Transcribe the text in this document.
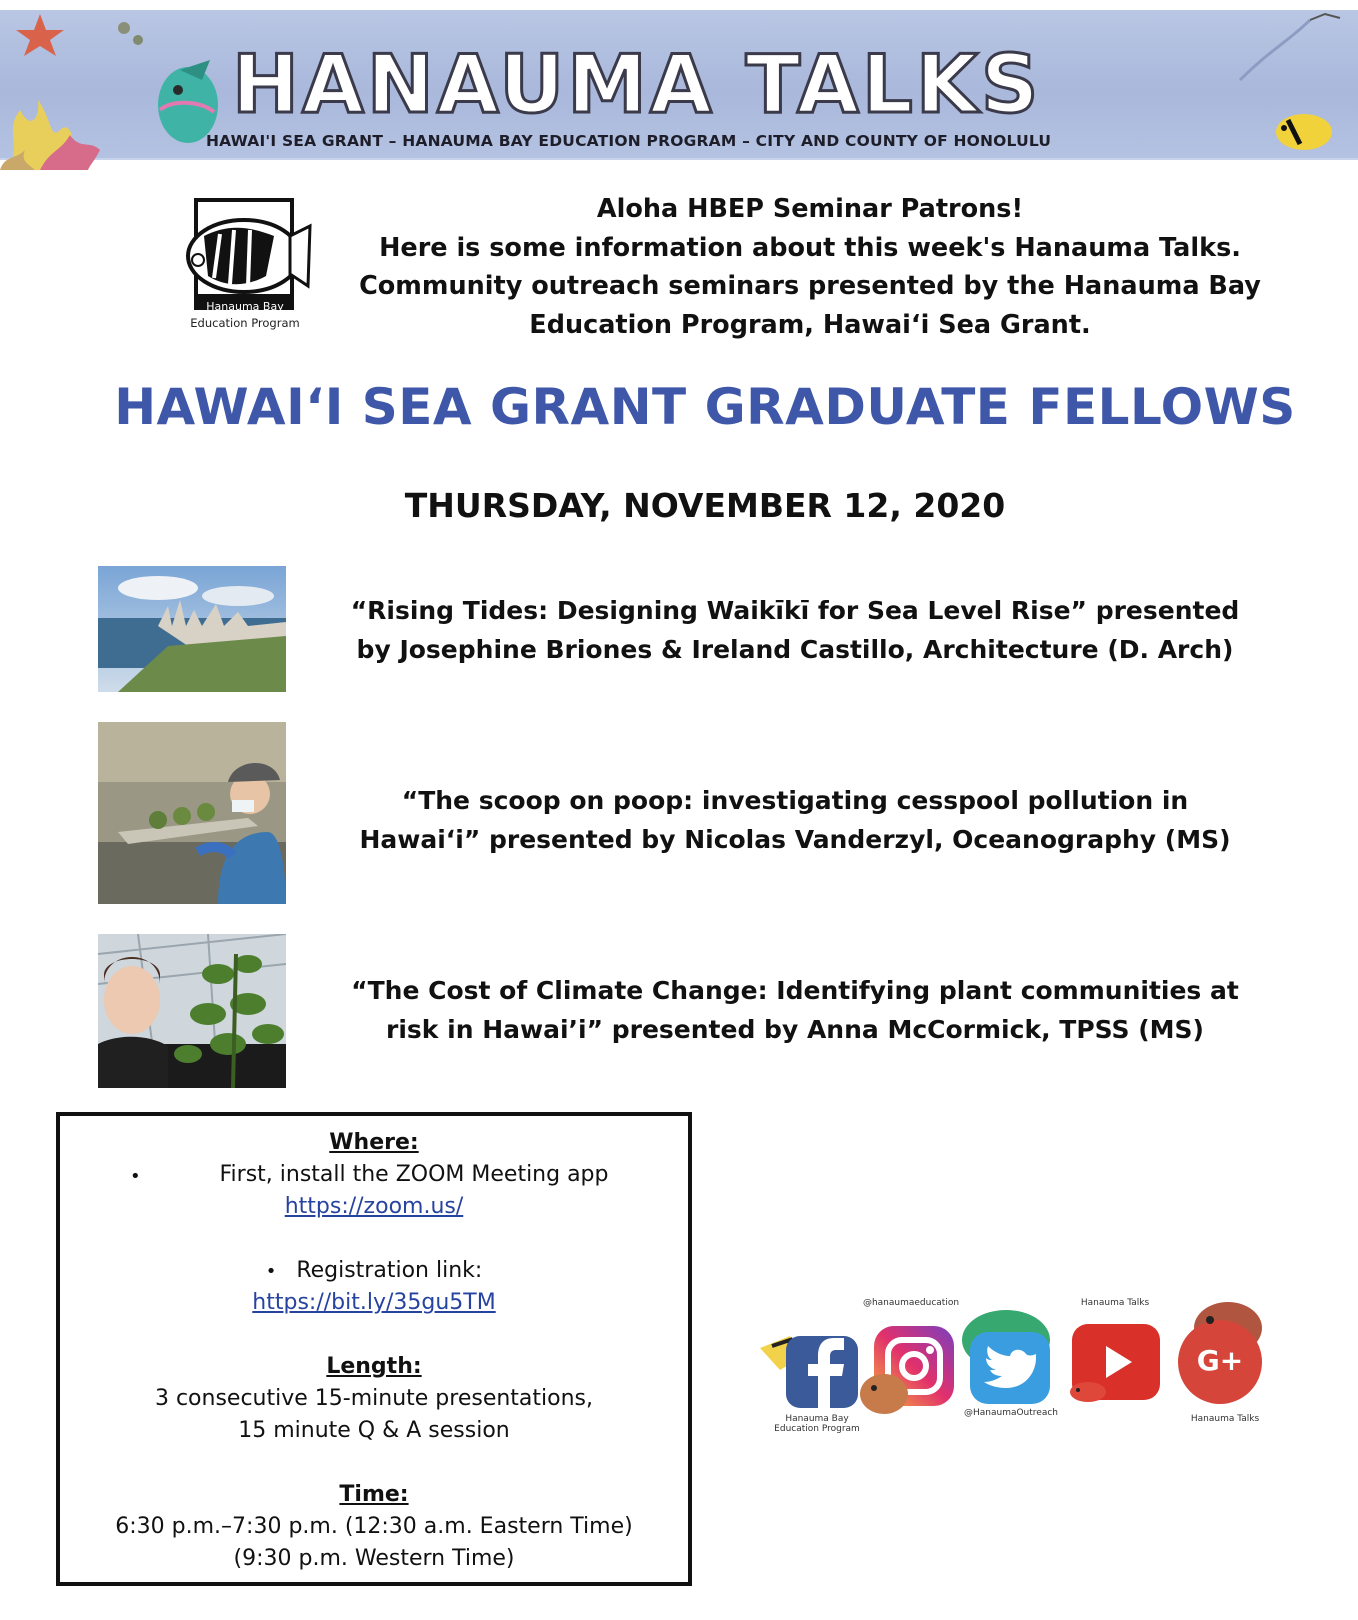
HANAUMA TALKS
HAWAI'I SEA GRANT – HANAUMA BAY EDUCATION PROGRAM – CITY AND COUNTY OF HONOLULU
Hanauma Bay
Education Program
Aloha HBEP Seminar Patrons!
Here is some information about this week's Hanauma Talks.
Community outreach seminars presented by the Hanauma Bay
Education Program, Hawaiʻi Sea Grant.
HAWAIʻI SEA GRANT GRADUATE FELLOWS
THURSDAY, NOVEMBER 12, 2020
“Rising Tides: Designing Waikīkī for Sea Level Rise” presented
by Josephine Briones & Ireland Castillo, Architecture (D. Arch)
“The scoop on poop: investigating cesspool pollution in
Hawaiʻi” presented by Nicolas Vanderzyl, Oceanography (MS)
“The Cost of Climate Change: Identifying plant communities at
risk in Hawai’i” presented by Anna McCormick, TPSS (MS)
Where:
•	First, install the ZOOM Meeting app
https://zoom.us/
• Registration link:
https://bit.ly/35gu5TM
Length:
3 consecutive 15-minute presentations,
15 minute Q & A session
Time:
6:30 p.m.–7:30 p.m. (12:30 a.m. Eastern Time)
(9:30 p.m. Western Time)
Hanauma Bay
Education Program
@hanaumaeducation
@HanaumaOutreach
Hanauma Talks
G+
Hanauma Talks
